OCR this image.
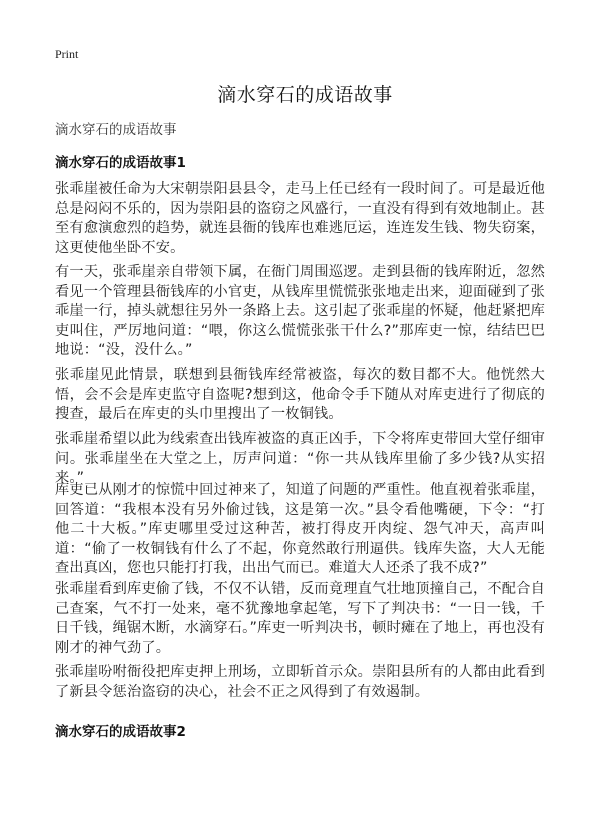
Print
滴水穿石的成语故事
滴水穿石的成语故事
滴水穿石的成语故事1
张乖崖被任命为大宋朝崇阳县县令，走马上任已经有一段时间了。可是最近他总是闷闷不乐的，因为崇阳县的盗窃之风盛行，一直没有得到有效地制止。甚至有愈演愈烈的趋势，就连县衙的钱库也难逃厄运，连连发生钱、物失窃案，这更使他坐卧不安。
有一天，张乖崖亲自带领下属，在衙门周围巡逻。走到县衙的钱库附近，忽然看见一个管理县衙钱库的小官吏，从钱库里慌慌张张地走出来，迎面碰到了张乖崖一行，掉头就想往另外一条路上去。这引起了张乖崖的怀疑，他赶紧把库吏叫住，严厉地问道：“喂，你这么慌慌张张干什么?”那库吏一惊，结结巴巴地说：“没，没什么。”
张乖崖见此情景，联想到县衙钱库经常被盗，每次的数目都不大。他恍然大悟，会不会是库吏监守自盗呢?想到这，他命令手下随从对库吏进行了彻底的搜查，最后在库吏的头巾里搜出了一枚铜钱。
张乖崖希望以此为线索查出钱库被盗的真正凶手，下令将库吏带回大堂仔细审问。张乖崖坐在大堂之上，厉声问道：“你一共从钱库里偷了多少钱?从实招来。”
库吏已从刚才的惊慌中回过神来了，知道了问题的严重性。他直视着张乖崖，回答道：“我根本没有另外偷过钱，这是第一次。”县令看他嘴硬，下令：“打他二十大板。”库吏哪里受过这种苦，被打得皮开肉绽、怨气冲天，高声叫道：“偷了一枚铜钱有什么了不起，你竟然敢行刑逼供。钱库失盗，大人无能查出真凶，您也只能打打我，出出气而已。难道大人还杀了我不成?”
张乖崖看到库吏偷了钱，不仅不认错，反而竟理直气壮地顶撞自己，不配合自己查案，气不打一处来，毫不犹豫地拿起笔，写下了判决书：“一日一钱，千日千钱，绳锯木断，水滴穿石。”库吏一听判决书，顿时瘫在了地上，再也没有刚才的神气劲了。
张乖崖吩咐衙役把库吏押上刑场，立即斩首示众。崇阳县所有的人都由此看到了新县令惩治盗窃的决心，社会不正之风得到了有效遏制。
滴水穿石的成语故事2
